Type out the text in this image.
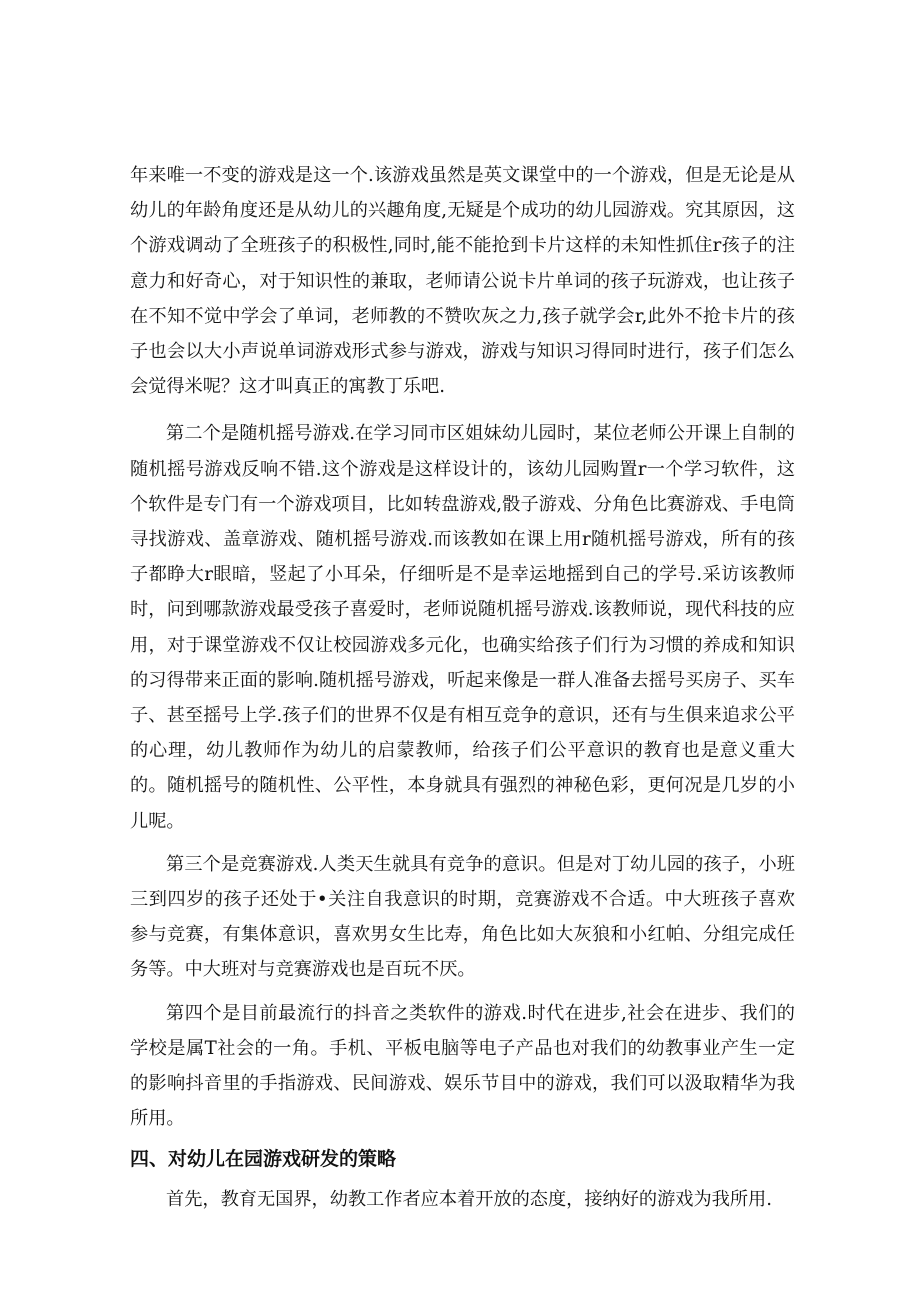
年来唯一不变的游戏是这一个.该游戏虽然是英文课堂中的一个游戏，但是无论是从幼儿的年龄角度还是从幼儿的兴趣角度,无疑是个成功的幼儿园游戏。究其原因，这个游戏调动了全班孩子的积极性,同时,能不能抢到卡片这样的未知性抓住r孩子的注意力和好奇心，对于知识性的兼取，老师请公说卡片单词的孩子玩游戏，也让孩子在不知不觉中学会了单词，老师教的不赞吹灰之力,孩子就学会r,此外不抢卡片的孩子也会以大小声说单词游戏形式参与游戏，游戏与知识习得同时进行，孩子们怎么会觉得米呢？这才叫真正的寓教丁乐吧.

第二个是随机摇号游戏.在学习同市区姐妹幼儿园时，某位老师公开课上自制的随机摇号游戏反响不错.这个游戏是这样设计的，该幼儿园购置r一个学习软件，这个软件是专门有一个游戏项目，比如转盘游戏,骰子游戏、分角色比赛游戏、手电筒寻找游戏、盖章游戏、随机摇号游戏.而该教如在课上用r随机摇号游戏，所有的孩子都睁大r眼暗，竖起了小耳朵，仔细听是不是幸运地摇到自己的学号.采访该教师时，问到哪款游戏最受孩子喜爱时，老师说随机摇号游戏.该教师说，现代科技的应用，对于课堂游戏不仅让校园游戏多元化，也确实给孩子们行为习惯的养成和知识的习得带来正面的影响.随机摇号游戏，听起来像是一群人准备去摇号买房子、买车子、甚至摇号上学.孩子们的世界不仅是有相互竞争的意识，还有与生俱来追求公平的心理，幼儿教师作为幼儿的启蒙教师，给孩子们公平意识的教育也是意义重大的。随机摇号的随机性、公平性，本身就具有强烈的神秘色彩，更何况是几岁的小儿呢。

第三个是竞赛游戏.人类天生就具有竞争的意识。但是对丁幼儿园的孩子，小班三到四岁的孩子还处于•关注自我意识的时期，竞赛游戏不合适。中大班孩子喜欢参与竞赛，有集体意识，喜欢男女生比寿，角色比如大灰狼和小红帕、分组完成任务等。中大班对与竞赛游戏也是百玩不厌。

第四个是目前最流行的抖音之类软件的游戏.时代在进步,社会在进步、我们的学校是属T社会的一角。手机、平板电脑等电子产品也对我们的幼教事业产生一定的影响抖音里的手指游戏、民间游戏、娱乐节目中的游戏，我们可以汲取精华为我所用。

四、对幼儿在园游戏研发的策略

首先，教育无国界，幼教工作者应本着开放的态度，接纳好的游戏为我所用.
